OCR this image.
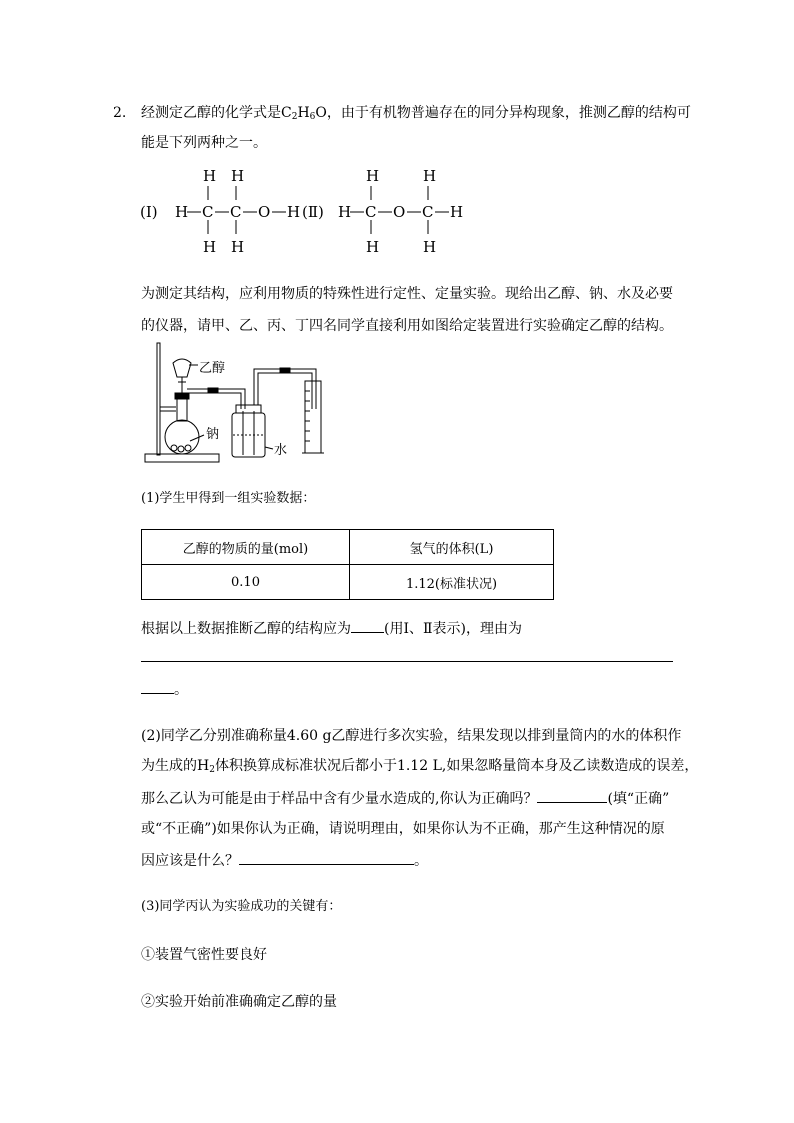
2. 经测定乙醇的化学式是$C_2H_6O$，由于有机物普遍存在的同分异构现象，推测乙醇的结构可
能是下列两种之一。
(Ⅰ) H C
H
H
C
H
H
O H (Ⅱ) H C
H
H
O C
H
H
H
为测定其结构，应利用物质的特殊性进行定性、定量实验。现给出乙醇、钠、水及必要
的仪器，请甲、乙、丙、丁四名同学直接利用如图给定装置进行实验确定乙醇的结构。
乙醇
钠
水
(1)学生甲得到一组实验数据：
乙醇的物质的量(mol)	氢气的体积(L)
0.10	1.12(标准状况)
根据以上数据推断乙醇的结构应为 (用Ⅰ、Ⅱ表示)，理由为
。
(2)同学乙分别准确称量4.60 g乙醇进行多次实验，结果发现以排到量筒内的水的体积作
为生成的$H_2$体积换算成标准状况后都小于1.12 L,如果忽略量筒本身及乙读数造成的误差，
那么乙认为可能是由于样品中含有少量水造成的,你认为正确吗？	(填“正确”
或“不正确”)如果你认为正确，请说明理由，如果你认为不正确，那产生这种情况的原
因应该是什么？	。
(3)同学丙认为实验成功的关键有：
①装置气密性要良好
②实验开始前准确确定乙醇的量
